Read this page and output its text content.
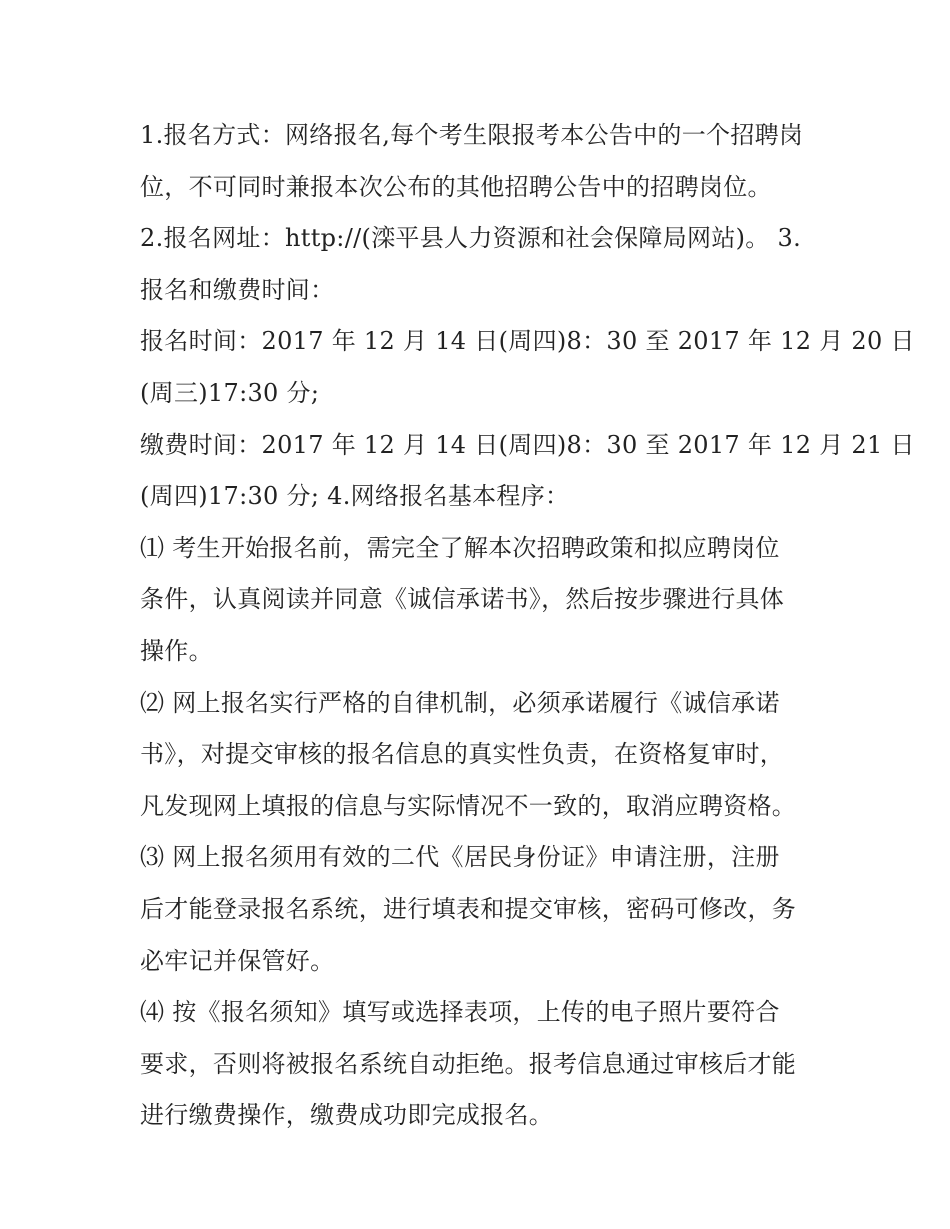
1.报名方式：网络报名,每个考生限报考本公告中的一个招聘岗
位，不可同时兼报本次公布的其他招聘公告中的招聘岗位。
2.报名网址：http://(滦平县人力资源和社会保障局网站)。 3.
报名和缴费时间：
报名时间：2017 年 12 月 14 日(周四)8：30 至 2017 年 12 月 20 日
(周三)17:30 分;
缴费时间：2017 年 12 月 14 日(周四)8：30 至 2017 年 12 月 21 日
(周四)17:30 分; 4.网络报名基本程序：
⑴ 考生开始报名前，需完全了解本次招聘政策和拟应聘岗位
条件，认真阅读并同意《诚信承诺书》，然后按步骤进行具体
操作。
⑵ 网上报名实行严格的自律机制，必须承诺履行《诚信承诺
书》，对提交审核的报名信息的真实性负责，在资格复审时，
凡发现网上填报的信息与实际情况不一致的，取消应聘资格。
⑶ 网上报名须用有效的二代《居民身份证》申请注册，注册
后才能登录报名系统，进行填表和提交审核，密码可修改，务
必牢记并保管好。
⑷ 按《报名须知》填写或选择表项，上传的电子照片要符合
要求，否则将被报名系统自动拒绝。报考信息通过审核后才能
进行缴费操作，缴费成功即完成报名。
